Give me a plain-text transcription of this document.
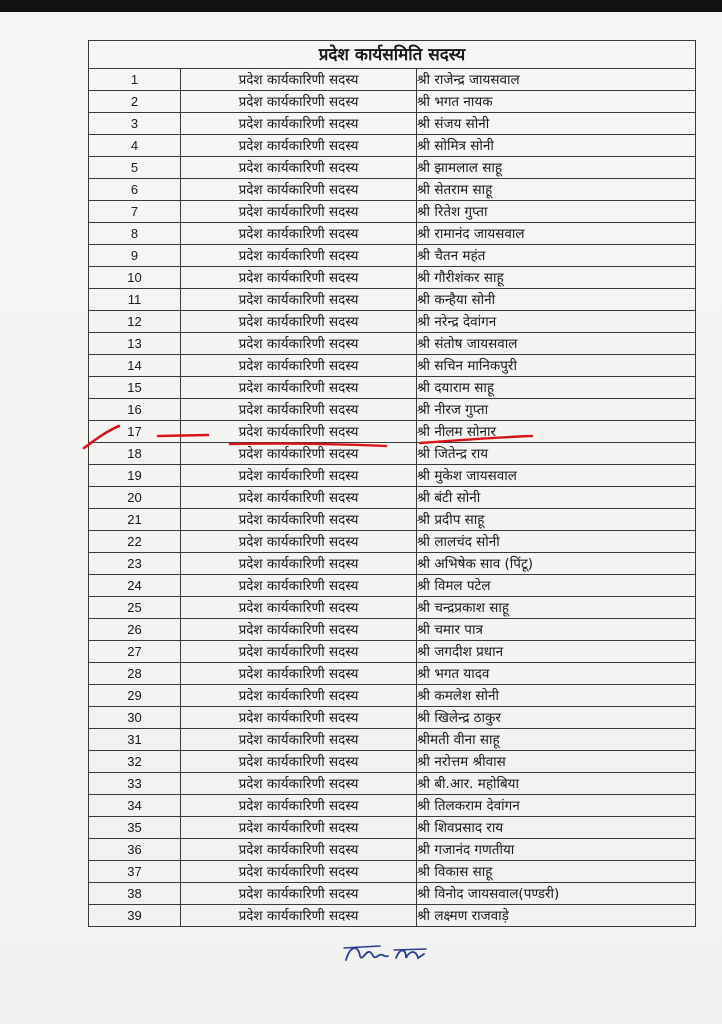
प्रदेश कार्यसमिति सदस्य		
1	प्रदेश कार्यकारिणी सदस्य	श्री राजेन्द्र जायसवाल
2	प्रदेश कार्यकारिणी सदस्य	श्री भगत नायक
3	प्रदेश कार्यकारिणी सदस्य	श्री संजय सोनी
4	प्रदेश कार्यकारिणी सदस्य	श्री सोमित्र सोनी
5	प्रदेश कार्यकारिणी सदस्य	श्री झामलाल साहू
6	प्रदेश कार्यकारिणी सदस्य	श्री सेतराम साहू
7	प्रदेश कार्यकारिणी सदस्य	श्री रितेश गुप्ता
8	प्रदेश कार्यकारिणी सदस्य	श्री रामानंद जायसवाल
9	प्रदेश कार्यकारिणी सदस्य	श्री चैतन महंत
10	प्रदेश कार्यकारिणी सदस्य	श्री गौरीशंकर साहू
11	प्रदेश कार्यकारिणी सदस्य	श्री कन्हैया सोनी
12	प्रदेश कार्यकारिणी सदस्य	श्री नरेन्द्र देवांगन
13	प्रदेश कार्यकारिणी सदस्य	श्री संतोष जायसवाल
14	प्रदेश कार्यकारिणी सदस्य	श्री सचिन मानिकपुरी
15	प्रदेश कार्यकारिणी सदस्य	श्री दयाराम साहू
16	प्रदेश कार्यकारिणी सदस्य	श्री नीरज गुप्ता
17	प्रदेश कार्यकारिणी सदस्य	श्री नीलम सोनार
18	प्रदेश कार्यकारिणी सदस्य	श्री जितेन्द्र राय
19	प्रदेश कार्यकारिणी सदस्य	श्री मुकेश जायसवाल
20	प्रदेश कार्यकारिणी सदस्य	श्री बंटी सोनी
21	प्रदेश कार्यकारिणी सदस्य	श्री प्रदीप साहू
22	प्रदेश कार्यकारिणी सदस्य	श्री लालचंद सोनी
23	प्रदेश कार्यकारिणी सदस्य	श्री अभिषेक साव (पिंटू)
24	प्रदेश कार्यकारिणी सदस्य	श्री विमल पटेल
25	प्रदेश कार्यकारिणी सदस्य	श्री चन्द्रप्रकाश साहू
26	प्रदेश कार्यकारिणी सदस्य	श्री चमार पात्र
27	प्रदेश कार्यकारिणी सदस्य	श्री जगदीश प्रधान
28	प्रदेश कार्यकारिणी सदस्य	श्री भगत यादव
29	प्रदेश कार्यकारिणी सदस्य	श्री कमलेश सोनी
30	प्रदेश कार्यकारिणी सदस्य	श्री खिलेन्द्र ठाकुर
31	प्रदेश कार्यकारिणी सदस्य	श्रीमती वीना साहू
32	प्रदेश कार्यकारिणी सदस्य	श्री नरोत्तम श्रीवास
33	प्रदेश कार्यकारिणी सदस्य	श्री बी.आर. महोबिया
34	प्रदेश कार्यकारिणी सदस्य	श्री तिलकराम देवांगन
35	प्रदेश कार्यकारिणी सदस्य	श्री शिवप्रसाद राय
36	प्रदेश कार्यकारिणी सदस्य	श्री गजानंद गणतीया
37	प्रदेश कार्यकारिणी सदस्य	श्री विकास साहू
38	प्रदेश कार्यकारिणी सदस्य	श्री विनोद जायसवाल(पण्डरी)
39	प्रदेश कार्यकारिणी सदस्य	श्री लक्ष्मण राजवाड़े
